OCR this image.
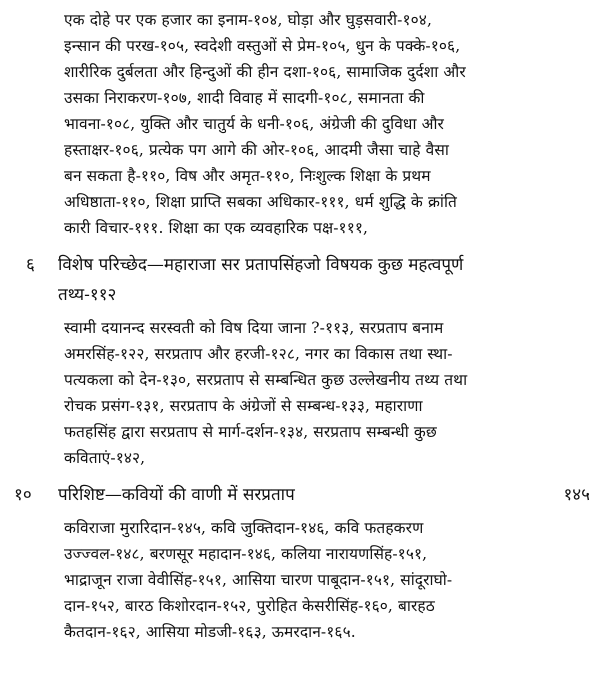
एक दोहे पर एक हजार का इनाम-१०४, घोड़ा और घुड़सवारी-१०४,
इन्सान की परख-१०५, स्वदेशी वस्तुओं से प्रेम-१०५, धुन के पक्के-१०६,
शारीरिक दुर्बलता और हिन्दुओं की हीन दशा-१०६, सामाजिक दुर्दशा और
उसका निराकरण-१०७, शादी विवाह में सादगी-१०८, समानता की
भावना-१०८, युक्ति और चातुर्य के धनी-१०६, अंग्रेजी की दुविधा और
हस्ताक्षर-१०६, प्रत्येक पग आगे की ओर-१०६, आदमी जैसा चाहे वैसा
बन सकता है-११०, विष और अमृत-११०, निःशुल्क शिक्षा के प्रथम
अधिष्ठाता-११०, शिक्षा प्राप्ति सबका अधिकार-१११, धर्म शुद्धि के क्रांति
कारी विचार-१११. शिक्षा का एक व्यवहारिक पक्ष-१११,
६ विशेष परिच्छेद—महाराजा सर प्रतापसिंहजो विषयक कुछ महत्वपूर्ण
तथ्य-११२
स्वामी दयानन्द सरस्वती को विष दिया जाना ?-११३, सरप्रताप बनाम
अमरसिंह-१२२, सरप्रताप और हरजी-१२८, नगर का विकास तथा स्था-
पत्यकला को देन-१३०, सरप्रताप से सम्बन्धित कुछ उल्लेखनीय तथ्य तथा
रोचक प्रसंग-१३१, सरप्रताप के अंग्रेजों से सम्बन्ध-१३३, महाराणा
फतहसिंह द्वारा सरप्रताप से मार्ग-दर्शन-१३४, सरप्रताप सम्बन्धी कुछ
कविताएं-१४२,
१० परिशिष्ट—कवियों की वाणी में सरप्रताप	१४५
कविराजा मुरारिदान-१४५, कवि जुक्तिदान-१४६, कवि फतहकरण
उज्ज्वल-१४८, बरणसूर महादान-१४६, कलिया नारायणसिंह-१५१,
भाद्राजून राजा वेवीसिंह-१५१, आसिया चारण पाबूदान-१५१, सांदूराघो-
दान-१५२, बारठ किशोरदान-१५२, पुरोहित केसरीसिंह-१६०, बारहठ
कैतदान-१६२, आसिया मोडजी-१६३, ऊमरदान-१६५.
